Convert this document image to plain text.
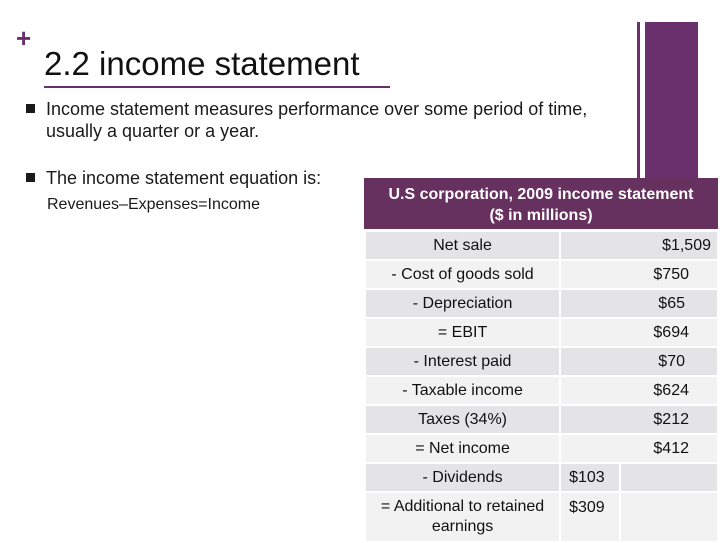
+
2.2 income statement
Income statement measures performance over some period of time, usually a quarter or a year.
The income statement equation is:
Revenues–Expenses=Income
U.S corporation, 2009 income statement
($ in millions)
Net sale	$1,509	
- Cost of goods sold	$750	
- Depreciation	$65	
= EBIT	$694	
- Interest paid	$70	
- Taxable income	$624	
Taxes (34%)	$212	
= Net income	$412	
- Dividends	$103	
= Additional to retained earnings	$309	
